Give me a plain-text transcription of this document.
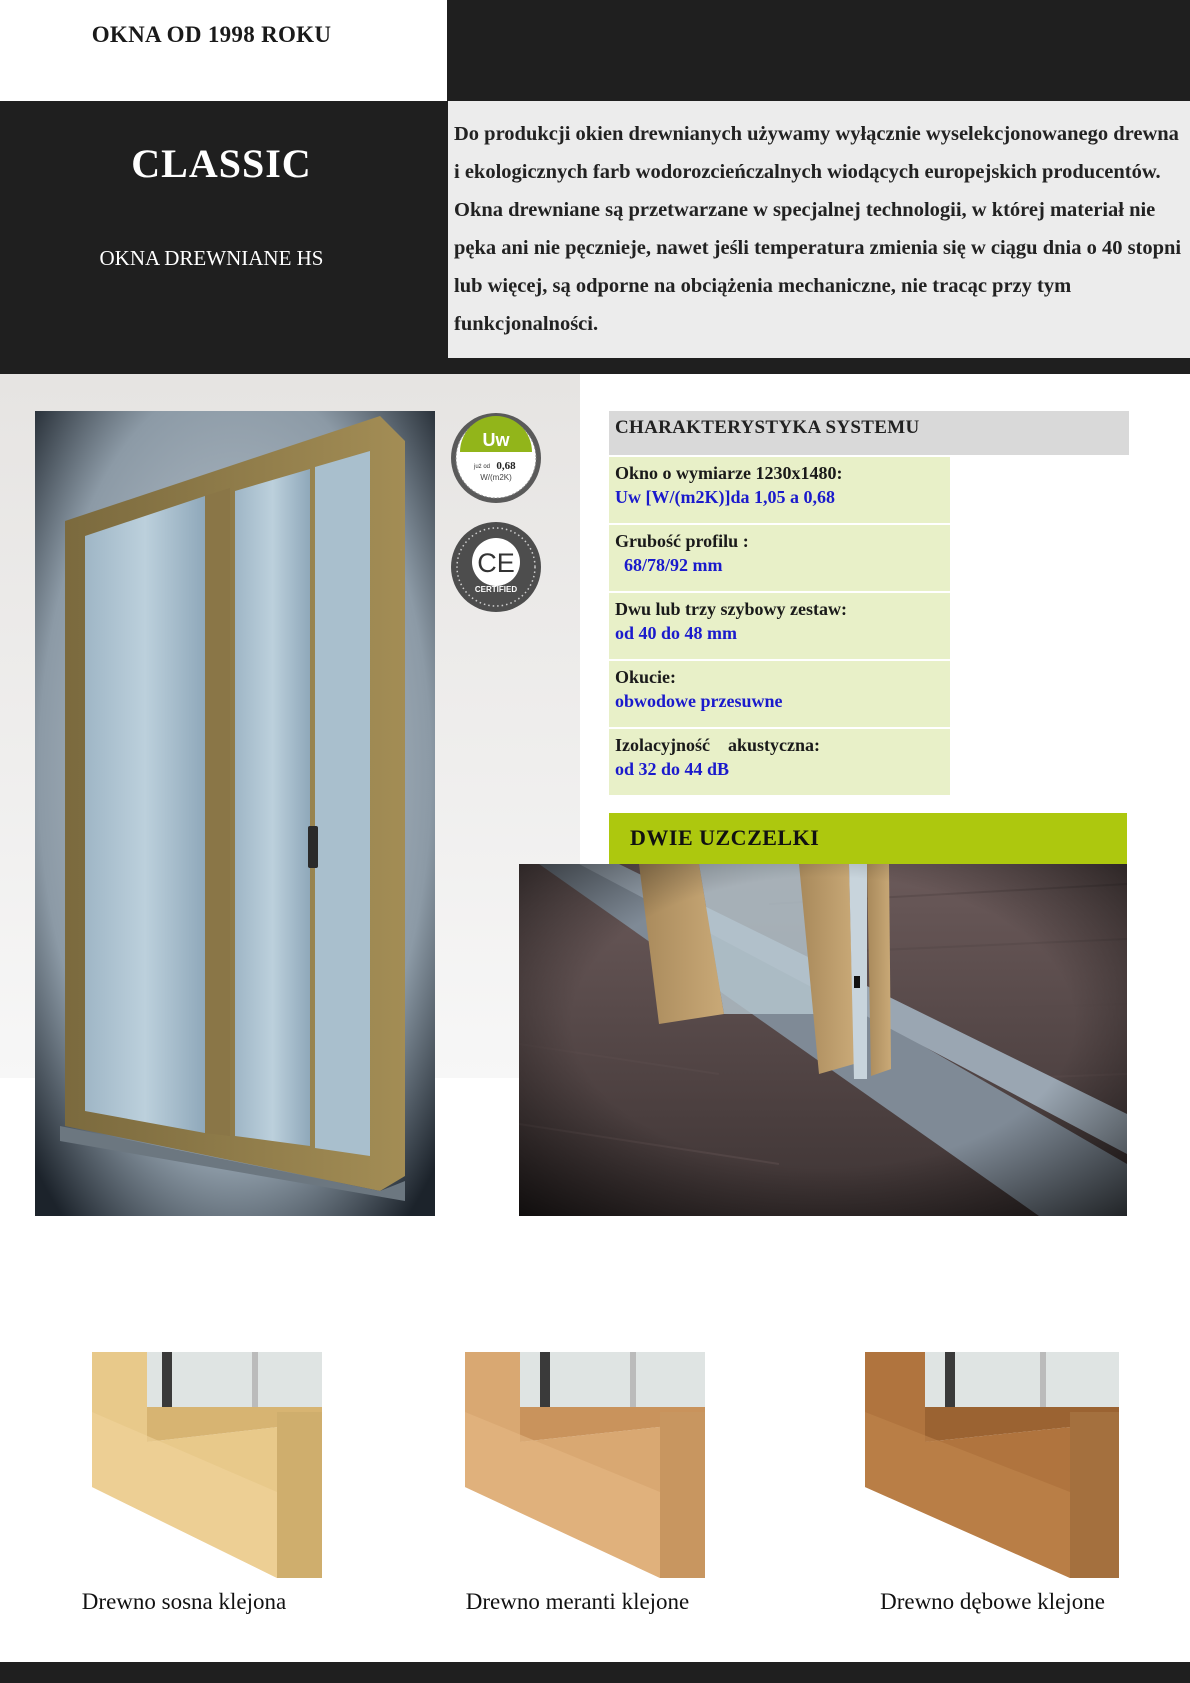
OKNA OD 1998 ROKU
CLASSIC
OKNA DREWNIANE HS

Do produkcji okien drewnianych używamy wyłącznie wyselekcjonowanego drewna i ekologicznych farb wodorozcieńczalnych wiodących europejskich producentów. Okna drewniane są przetwarzane w specjalnej technologii, w której materiał nie pęka ani nie pęcznieje, nawet jeśli temperatura zmienia się w ciągu dnia o 40 stopni lub więcej, są odporne na obciążenia mechaniczne, nie tracąc przy tym funkcjonalności.

Uw
już od 0,68
W/(m2K)
CE
CERTIFIED
CHARAKTERYSTYKA SYSTEMU
Okno o wymiarze 1230x1480:
Uw [W/(m2K)]da 1,05 a 0,68
Grubość profilu :
68/78/92 mm
Dwu lub trzy szybowy zestaw:
od 40 do 48 mm
Okucie:
obwodowe przesuwne
Izolacyjność    akustyczna:
od 32 do 44 dB
DWIE UZCZELKI
Drewno sosna klejona	Drewno meranti klejone	Drewno dębowe klejone
